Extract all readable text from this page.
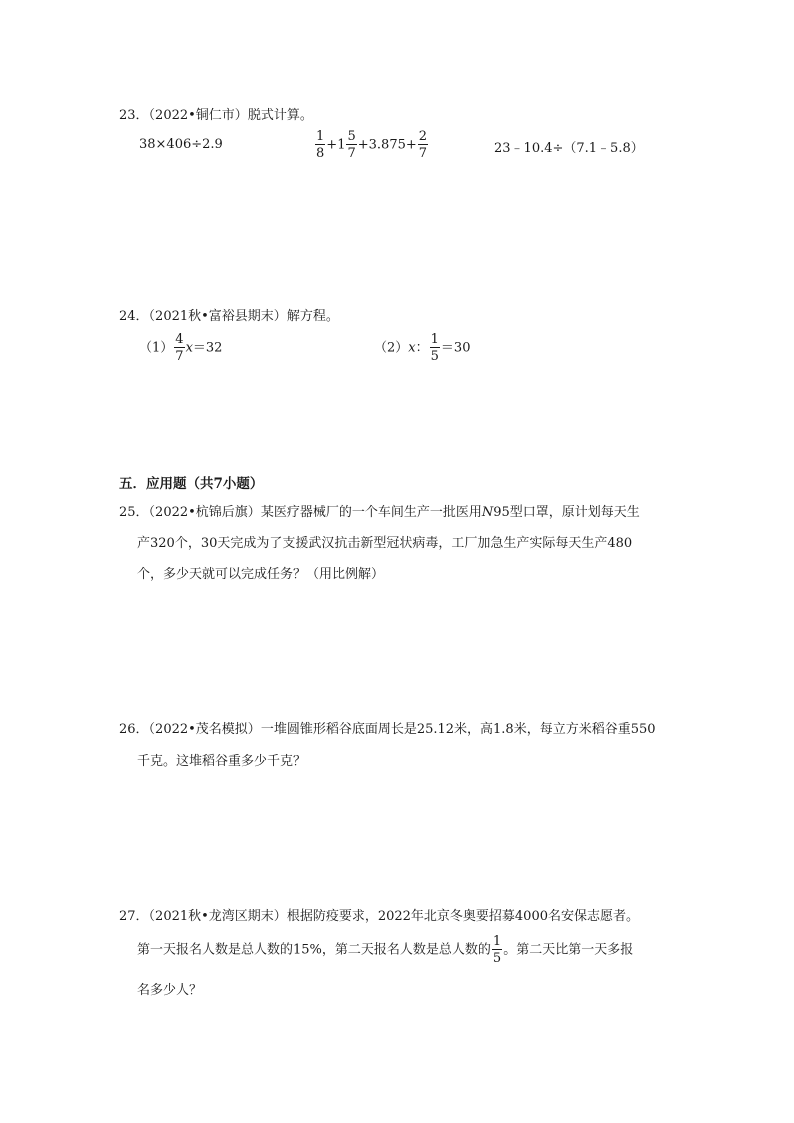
23．（2022•铜仁市）脱式计算。
38×406÷2.9	$\frac{1}{8} +1 \frac{5}{7} +3.875+ \frac{2}{7}$	23﹣10.4÷（7.1﹣5.8）
24．（2021秋•富裕县期末）解方程。
$(1) \frac{4}{7} x=32$	（2）x： $\frac{1}{5} =30$
五．应用题（共7小题）
25．（2022•杭锦后旗）某医疗器械厂的一个车间生产一批医用N95型口罩，原计划每天生
产320个，30天完成为了支援武汉抗击新型冠状病毒，工厂加急生产实际每天生产480
个，多少天就可以完成任务？（用比例解）
26．（2022•茂名模拟）一堆圆锥形稻谷底面周长是25.12米，高1.8米，每立方米稻谷重550
千克。这堆稻谷重多少千克？
27．（2021秋•龙湾区期末）根据防疫要求，2022年北京冬奥要招募4000名安保志愿者。
第一天报名人数是总人数的15%，第二天报名人数是总人数的 $\frac{1}{5}$ 。第二天比第一天多报
名多少人？
